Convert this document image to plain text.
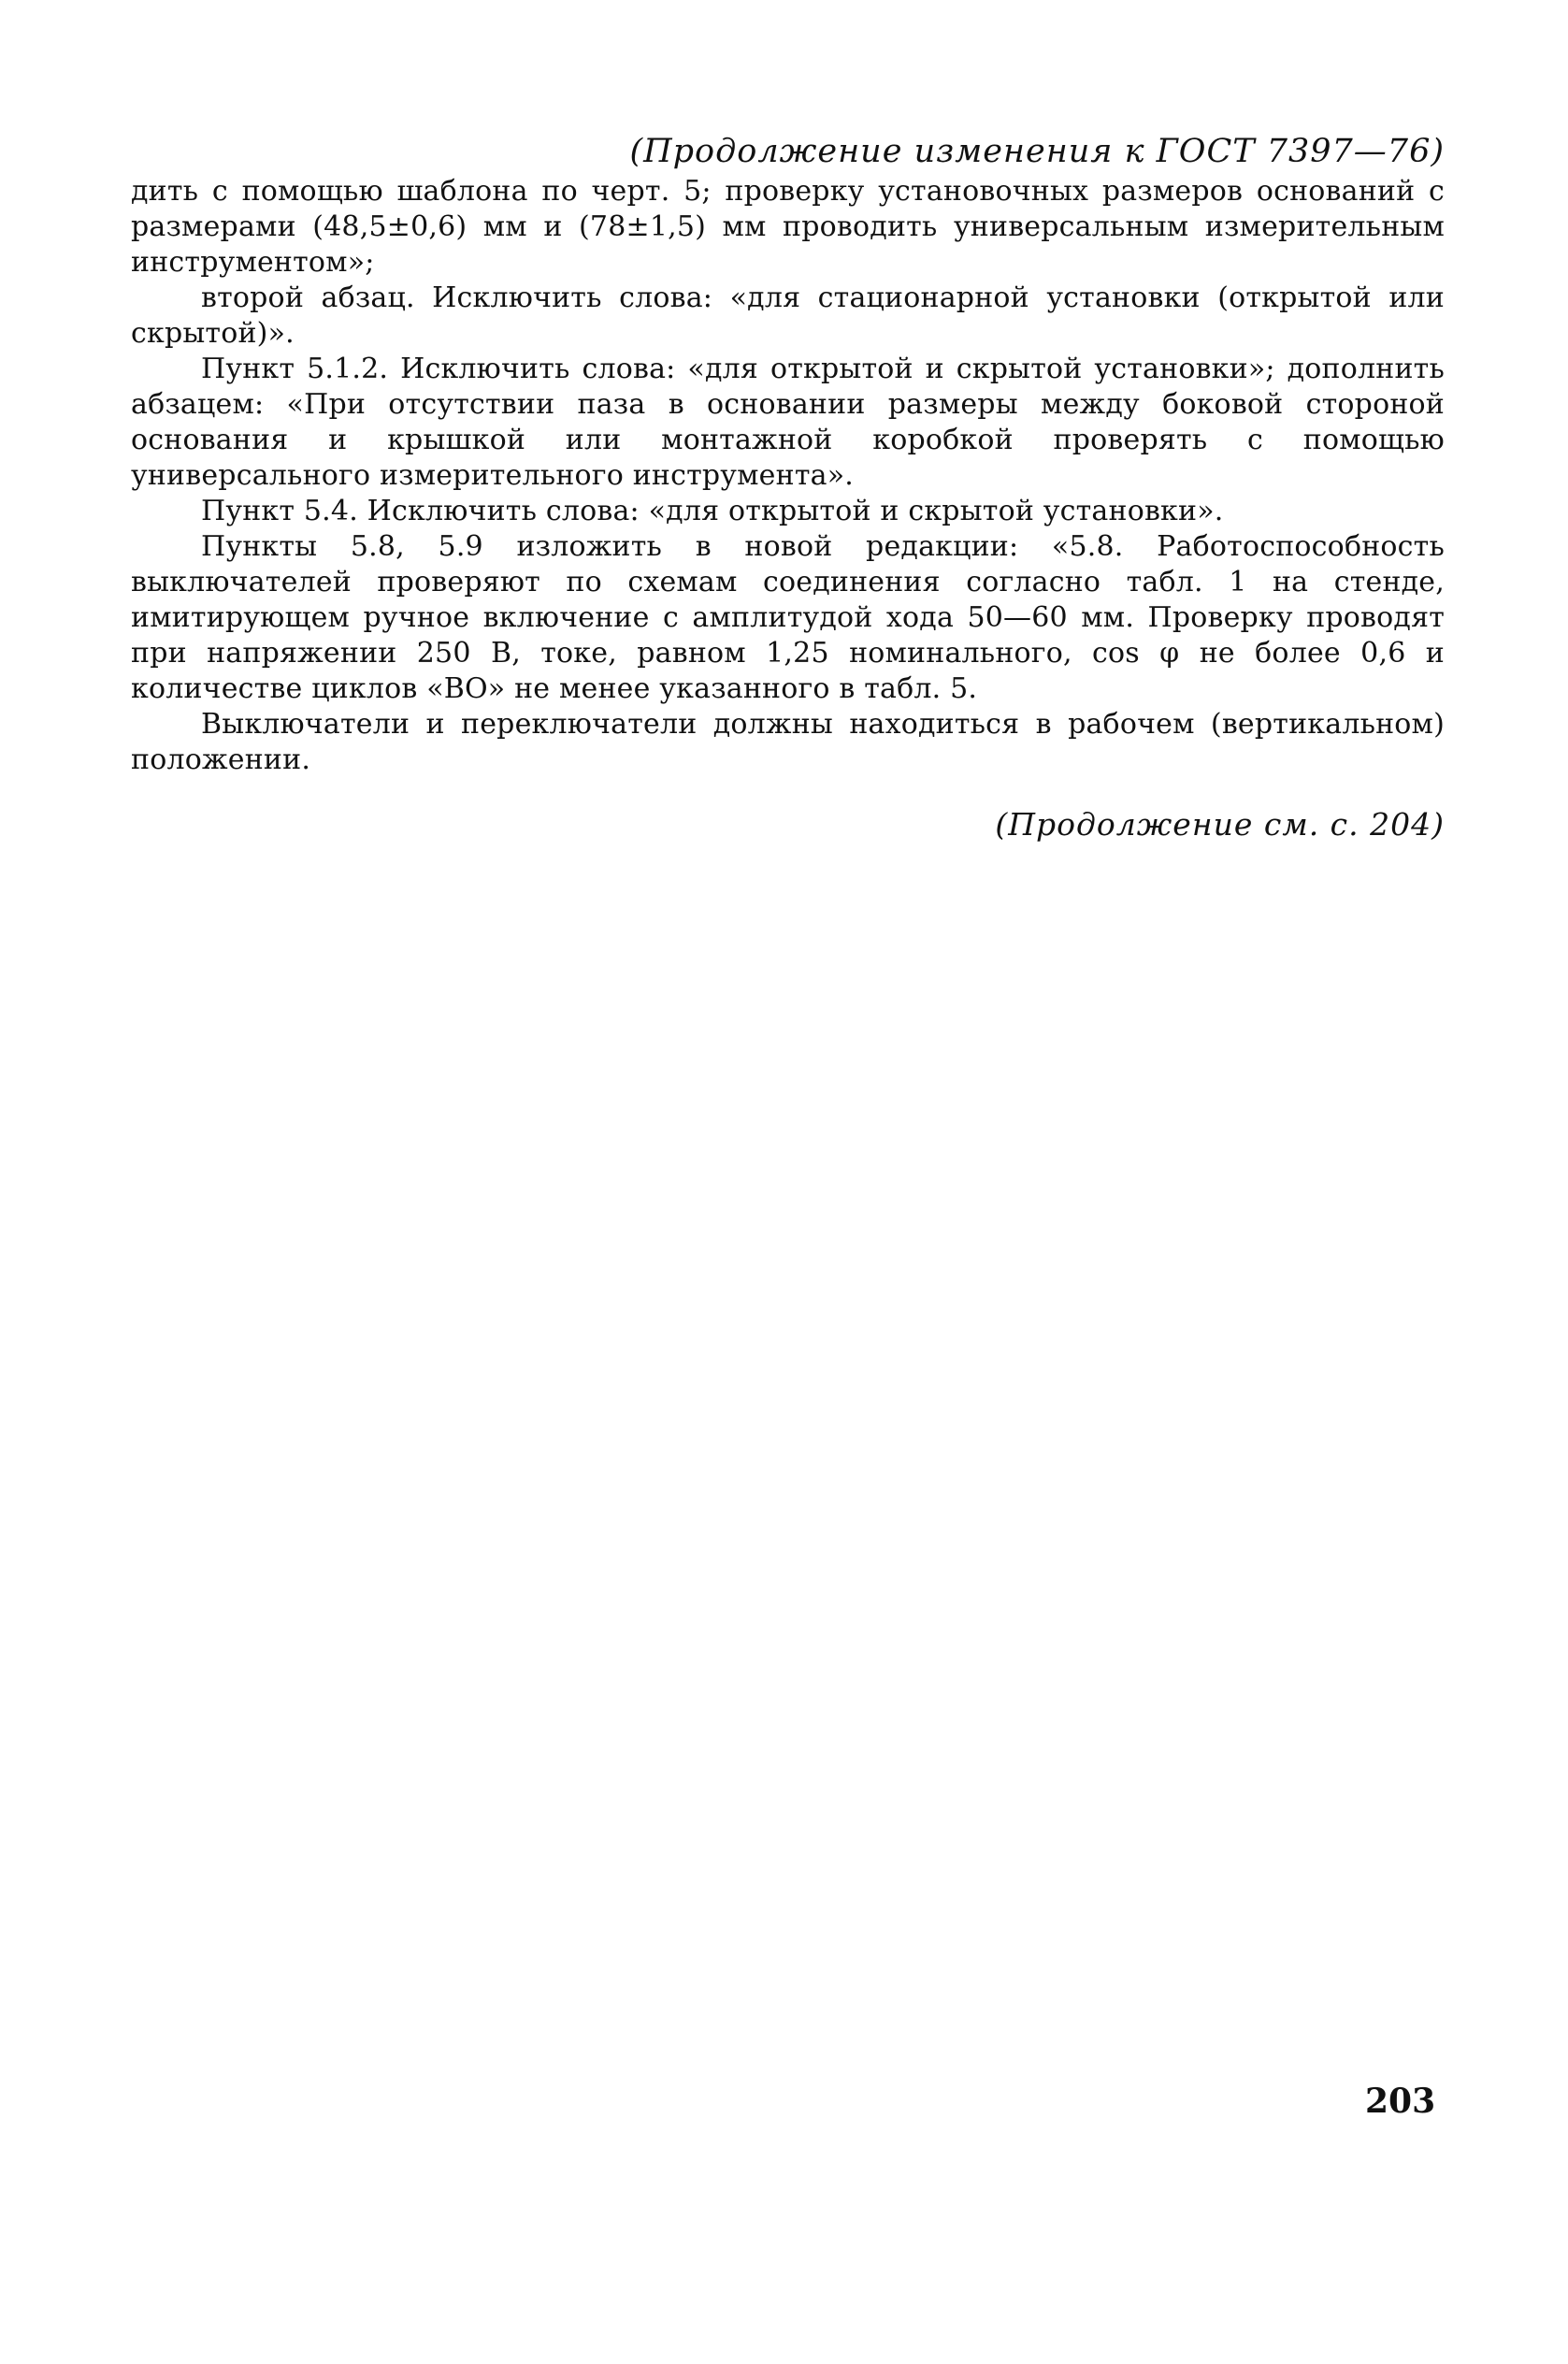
(Продолжение изменения к ГОСТ 7397—76)

дить с помощью шаблона по черт. 5; проверку установочных размеров оснований с размерами (48,5±0,6) мм и (78±1,5) мм проводить универсальным измерительным инструментом»;

второй абзац. Исключить слова: «для стационарной установки (открытой или скрытой)».

Пункт 5.1.2. Исключить слова: «для открытой и скрытой установки»; дополнить абзацем: «При отсутствии паза в основании размеры между боковой стороной основания и крышкой или монтажной коробкой проверять с помощью универсального измерительного инструмента».

Пункт 5.4. Исключить слова: «для открытой и скрытой установки».

Пункты 5.8, 5.9 изложить в новой редакции: «5.8. Работоспособность выключателей проверяют по схемам соединения согласно табл. 1 на стенде, имитирующем ручное включение с амплитудой хода 50—60 мм. Проверку проводят при напряжении 250 В, токе, равном 1,25 номинального, cos φ не более 0,6 и количестве циклов «ВО» не менее указанного в табл. 5.

Выключатели и переключатели должны находиться в рабочем (вертикальном) положении.

(Продолжение см. с. 204)
203
